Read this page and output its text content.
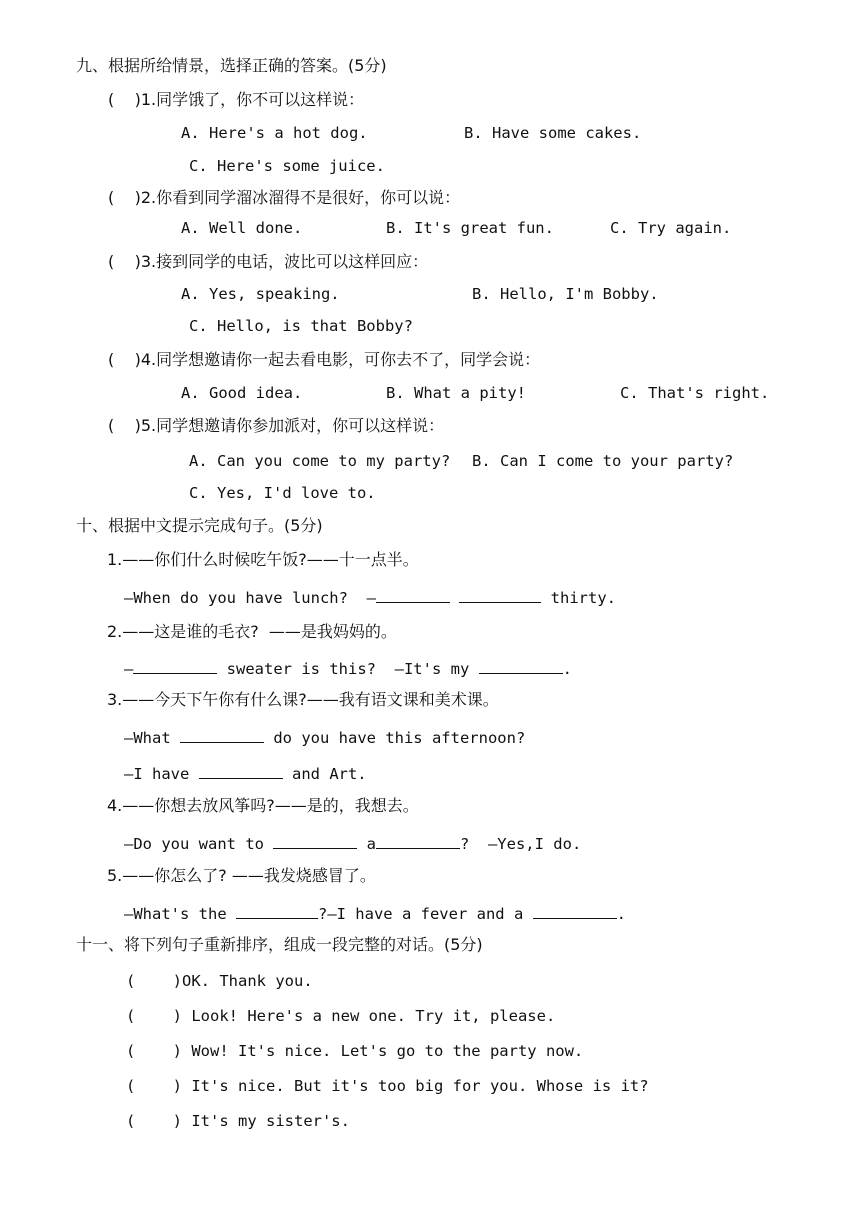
九、根据所给情景，选择正确的答案。(5分)
(    )1.同学饿了，你不可以这样说：
A. Here's a hot dog.	B. Have some cakes.
C. Here's some juice.
(    )2.你看到同学溜冰溜得不是很好，你可以说：
A. Well done.	B. It's great fun.	C. Try again.
(    )3.接到同学的电话，波比可以这样回应：
A. Yes, speaking.	B. Hello, I'm Bobby.
C. Hello, is that Bobby?
(    )4.同学想邀请你一起去看电影，可你去不了，同学会说：
A. Good idea.	B. What a pity!	C. That's right.
(    )5.同学想邀请你参加派对，你可以这样说：
A. Can you come to my party? B. Can I come to your party?
C. Yes, I'd love to.
十、根据中文提示完成句子。(5分)
1.——你们什么时候吃午饭?——十一点半。
—When do you have lunch?  —	thirty.
2.——这是谁的毛衣?  ——是我妈妈的。
—	sweater is this?  —It's my	.
3.——今天下午你有什么课?——我有语文课和美术课。
—What	do you have this afternoon?
—I have	and Art.
4.——你想去放风筝吗?——是的，我想去。
—Do you want to	a	?  —Yes,I do.
5.——你怎么了? ——我发烧感冒了。
—What's the	?—I have a fever and a	.
十一、将下列句子重新排序，组成一段完整的对话。(5分)
(    )OK. Thank you.
(    ) Look! Here's a new one. Try it, please.
(    ) Wow! It's nice. Let's go to the party now.
(    ) It's nice. But it's too big for you. Whose is it?
(    ) It's my sister's.
